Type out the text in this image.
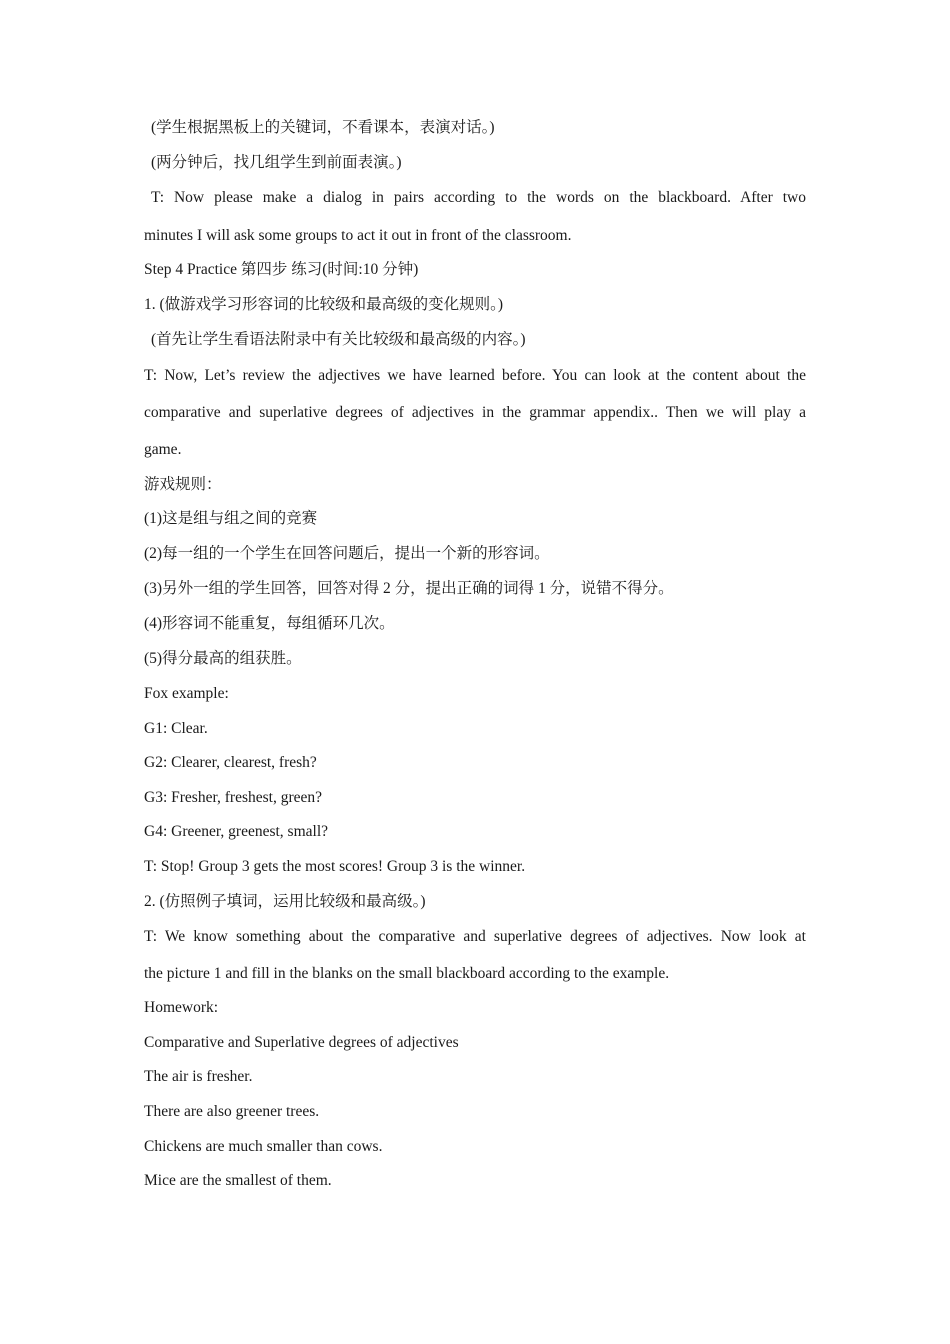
(学生根据黑板上的关键词，不看课本，表演对话。)
(两分钟后，找几组学生到前面表演。)
T: Now please make a dialog in pairs according to the words on the blackboard. After two
minutes I will ask some groups to act it out in front of the classroom.
Step 4 Practice 第四步 练习(时间:10 分钟)
1. (做游戏学习形容词的比较级和最高级的变化规则。)
(首先让学生看语法附录中有关比较级和最高级的内容。)
T: Now, Let’s review the adjectives we have learned before. You can look at the content about the
comparative and superlative degrees of adjectives in the grammar appendix.. Then we will play a
game.
游戏规则：
(1)这是组与组之间的竞赛
(2)每一组的一个学生在回答问题后，提出一个新的形容词。
(3)另外一组的学生回答，回答对得 2 分，提出正确的词得 1 分，说错不得分。
(4)形容词不能重复，每组循环几次。
(5)得分最高的组获胜。
Fox example:
G1: Clear.
G2: Clearer, clearest, fresh?
G3: Fresher, freshest, green?
G4: Greener, greenest, small?
T: Stop! Group 3 gets the most scores! Group 3 is the winner.
2. (仿照例子填词，运用比较级和最高级。)
T: We know something about the comparative and superlative degrees of adjectives. Now look at
the picture 1 and fill in the blanks on the small blackboard according to the example.
Homework:
Comparative and Superlative degrees of adjectives
The air is fresher.
There are also greener trees.
Chickens are much smaller than cows.
Mice are the smallest of them.
